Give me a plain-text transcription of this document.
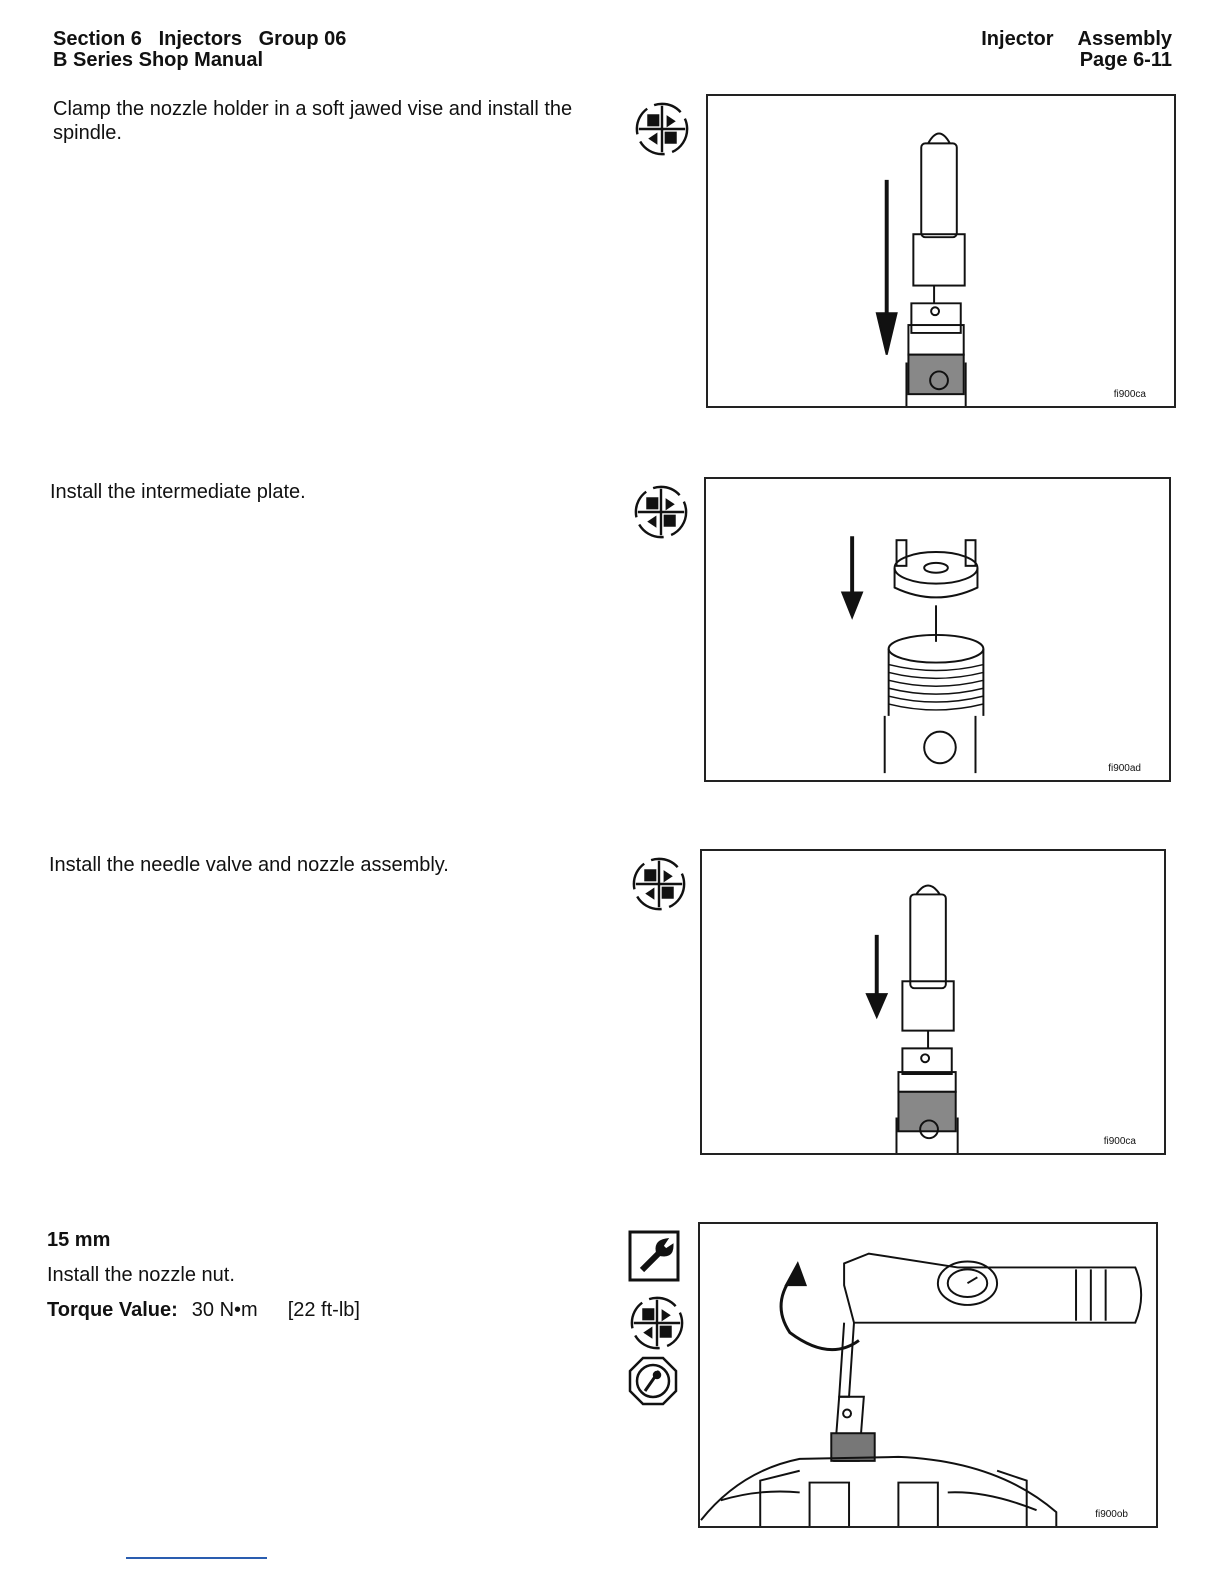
Section 6   Injectors   Group 06
B Series Shop Manual
Injector Assembly
Page 6-11
Clamp the nozzle holder in a soft jawed vise and install the spindle.
fi900ca
Install the intermediate plate.
fi900ad
Install the needle valve and nozzle assembly.
fi900ca
15 mm
Install the nozzle nut.
Torque Value: 30 N•m [22 ft-lb]
fi900ob
